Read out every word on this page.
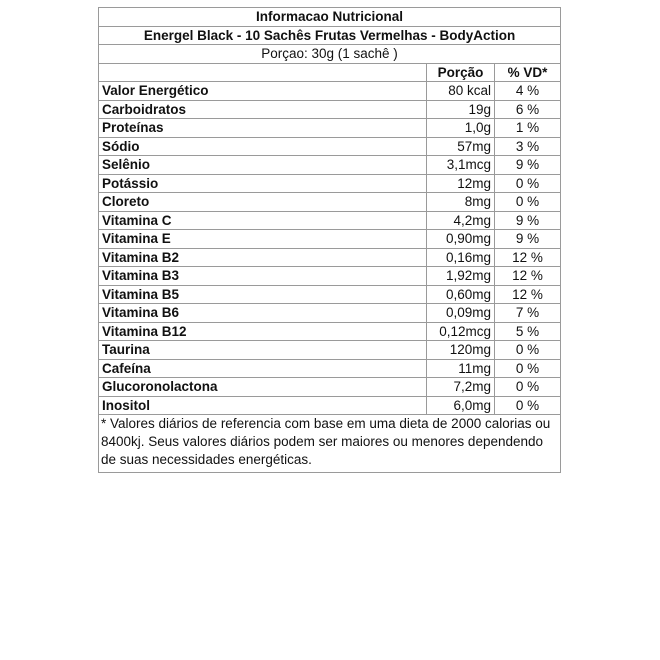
Informacao Nutricional			
Energel Black - 10 Sachês Frutas Vermelhas - BodyAction			
Porçao: 30g (1 sachê )			
		Porção	% VD*
Valor Energético		80 kcal	4 %
Carboidratos		19g	6 %
Proteínas		1,0g	1 %
Sódio		57mg	3 %
Selênio		3,1mcg	9 %
Potássio		12mg	0 %
Cloreto		8mg	0 %
Vitamina C		4,2mg	9 %
Vitamina E		0,90mg	9 %
Vitamina B2		0,16mg	12 %
Vitamina B3		1,92mg	12 %
Vitamina B5		0,60mg	12 %
Vitamina B6		0,09mg	7 %
Vitamina B12		0,12mcg	5 %
Taurina		120mg	0 %
Cafeína		11mg	0 %
Glucoronolactona		7,2mg	0 %
Inositol		6,0mg	0 %
* Valores diários de referencia com base em uma dieta de 2000 calorias ou 8400kj. Seus valores diários podem ser maiores ou menores dependendo de suas necessidades energéticas.			
